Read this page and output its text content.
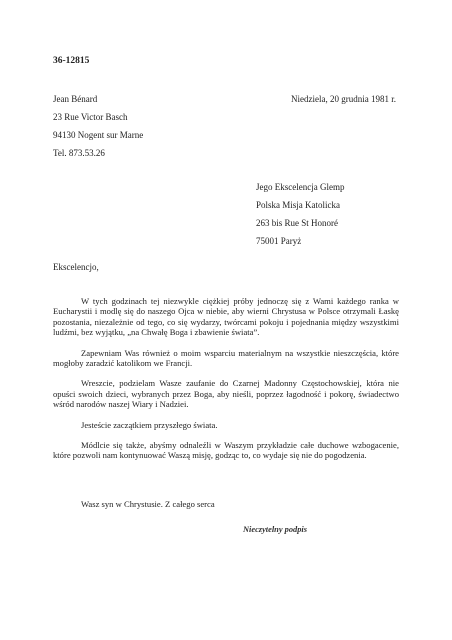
36-12815
Jean Bénard
23 Rue Victor Basch
94130 Nogent sur Marne
Tel. 873.53.26
Niedziela, 20 grudnia 1981 r.
Jego Ekscelencja Glemp
Polska Misja Katolicka
263 bis Rue St Honoré
75001 Paryż
Ekscelencjo,

W tych godzinach tej niezwykle ciężkiej próby jednoczę się z Wami każdego ranka w Eucharystii i modlę się do naszego Ojca w niebie, aby wierni Chrystusa w Polsce otrzymali Łaskę pozostania, niezależnie od tego, co się wydarzy, twórcami pokoju i pojednania między wszystkimi ludźmi, bez wyjątku, „na Chwałę Boga i zbawienie świata”.

Zapewniam Was również o moim wsparciu materialnym na wszystkie nieszczęścia, które mogłoby zaradzić katolikom we Francji.

Wreszcie, podzielam Wasze zaufanie do Czarnej Madonny Częstochowskiej, która nie opuści swoich dzieci, wybranych przez Boga, aby nieśli, poprzez łagodność i pokorę, świadectwo wśród narodów naszej Wiary i Nadziei.

Jesteście zaczątkiem przyszłego świata.

Módlcie się także, abyśmy odnaleźli w Waszym przykładzie całe duchowe wzbogacenie, które pozwoli nam kontynuować Waszą misję, godząc to, co wydaje się nie do pogodzenia.

Wasz syn w Chrystusie. Z całego serca
Nieczytelny podpis
